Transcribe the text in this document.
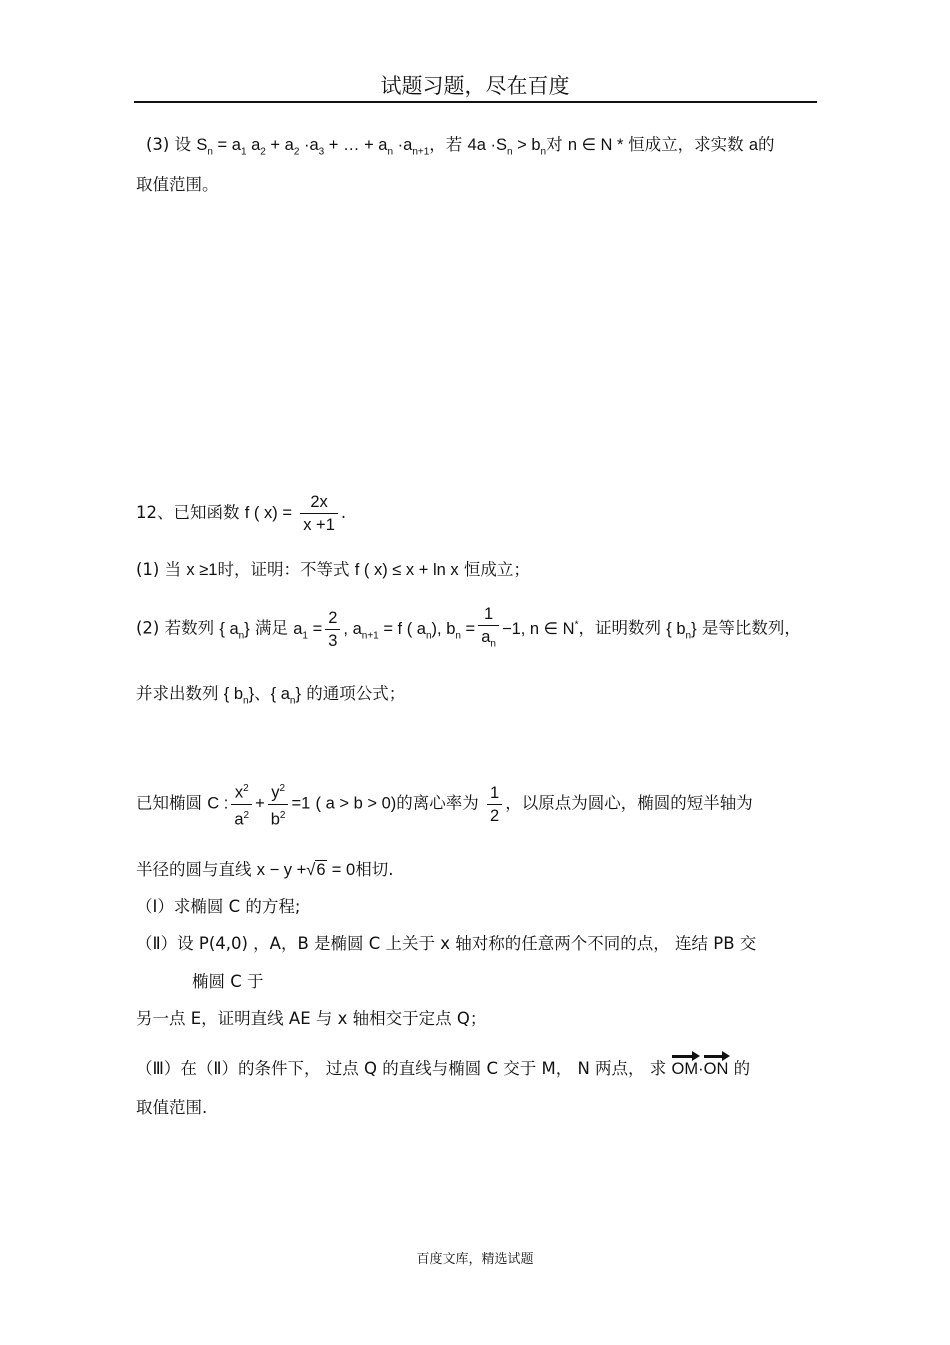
试题习题，尽在百度
(3) 设 $S_n = a_1$ $a_2 + a_2 \cdot a_3$ + … + $a_n \cdot a_{n+1}$，若 $4a \cdot S_n > b_n$对 n ∈ N * 恒成立，求实数 a的
取值范围。
12、已知函数 f ( $x) = \frac{2x}{x +1}$ .
(1) 当 x ≥1时，证明：不等式 f ( x) ≤ x + ln x 恒成立；
(2) 若数列 { $a_n$} 满足 $a_1 = \frac{2}{3}$ , $a_{n+1} = f$ ( $a_n$), $b_n = \frac{1}{a_n} -1$, n ∈ N*，证明数列 { $b_n$} 是等比数列，
并求出数列 { $b_n$}、{ $a_n$} 的通项公式；
已知椭圆 C : $\frac{x^2}{a^2} + \frac{y^2}{b^2} =1$ ( a > b > 0)的离心率为 $\frac{1}{2}$ ，以原点为圆心，椭圆的短半轴为
半径的圆与直线 x − y +√6 = 0相切.
（Ⅰ）求椭圆 C 的方程;
（Ⅱ）设 P(4,0) ，A，B 是椭圆 C 上关于 x 轴对称的任意两个不同的点， 连结 PB 交
椭圆 C 于
另一点 E，证明直线 AE 与 x 轴相交于定点 Q；
（Ⅲ）在（Ⅱ）的条件下， 过点 Q 的直线与椭圆 C 交于 M， N 两点， 求 OM·ON 的
取值范围.
百度文库，精选试题
